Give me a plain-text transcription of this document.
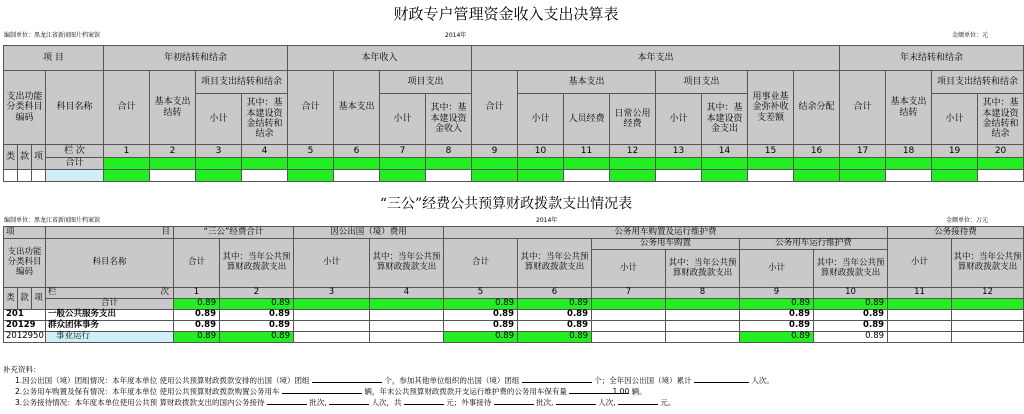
财政专户管理资金收入支出决算表
编制单位：黑龙江省新闻图片档案馆	2014年	金额单位：元
项 目				年初结转和结余				本年收入				本年支出								年末结转和结余			
支出功能分类科目编码			科目名称	合计	基本支出结转	项目支出结转和结余		合计	基本支出	项目支出		合计	基本支出			项目支出		用事业基金弥补收支差额	结余分配	合计	基本支出结转	项目支出结转和结余	
						小计	其中：基本建设资金结转和结余			小计	其中：基本建设资金收入		小计	人员经费	日常公用经费	小计	其中：基本建设资金支出					小计	其中：基本建设资金结转和结余

类	款	项	栏 次	1	2	3	4	5	6	7	8	9	10	11	12	13	14	15	16	17	18	19	20
			合计																				

“三公”经费公共预算财政拨款支出情况表
编制单位：黑龙江省新闻图片档案馆	2014年	金额单位：万元
项			目	“三公”经费合计		因公出国（境）费用		公务用车购置及运行维护费						公务接待费	
支出功能分类科目编码			科目名称	合计	其中：当年公共预算财政拨款支出	小计	其中：当年公共预算财政拨款支出	合计	其中：当年公共预算财政拨款支出	公务用车购置		公务用车运行维护费		小计	其中：当年公共预算财政拨款支出
										小计	其中：当年公共预算财政拨款支出	小计	其中：当年公共预算财政拨款支出		

类	款	项	栏 次	1	2	3	4	5	6	7	8	9	10	11	12
			合计	0.89	0.89			0.89	0.89			0.89	0.89		
201			一般公共服务支出	0.89	0.89			0.89	0.89			0.89	0.89		
20129			群众团体事务	0.89	0.89			0.89	0.89			0.89	0.89		
2012950			事业运行	0.89	0.89			0.89	0.89			0.89	0.89		
补充资料：
1.因公出国（境）团组情况：本年度本单位 使用公共预算财政拨款安排的出国（境）团组	个，参加其他单位组织的出国（境）团组	个；全年因公出国（境）累计	人次。
2.公务用车购置及保有情况：本年度本单位 使用公共预算财政拨款购置公务用车	辆，年末公共预算财政拨款开支运行维护费的公务用车保有量	1.00 辆。
3.公务接待情况：本年度本单位使用公共预 算财政拨款支出的国内公务接待	批次,	人次，共	元；外事接待	批次,	人次,	元。
